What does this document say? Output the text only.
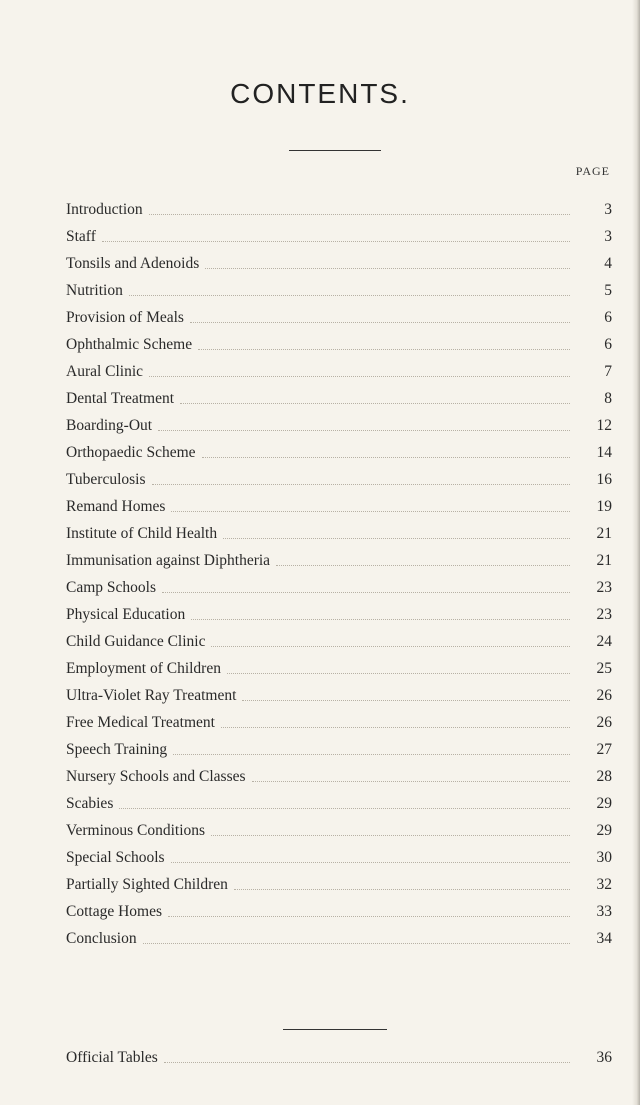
CONTENTS.
PAGE
Introduction	3
Staff	3
Tonsils and Adenoids	4
Nutrition	5
Provision of Meals	6
Ophthalmic Scheme	6
Aural Clinic	7
Dental Treatment	8
Boarding-Out	12
Orthopaedic Scheme	14
Tuberculosis	16
Remand Homes	19
Institute of Child Health	21
Immunisation against Diphtheria	21
Camp Schools	23
Physical Education	23
Child Guidance Clinic	24
Employment of Children	25
Ultra-Violet Ray Treatment	26
Free Medical Treatment	26
Speech Training	27
Nursery Schools and Classes	28
Scabies	29
Verminous Conditions	29
Special Schools	30
Partially Sighted Children	32
Cottage Homes	33
Conclusion	34
Official Tables	36
